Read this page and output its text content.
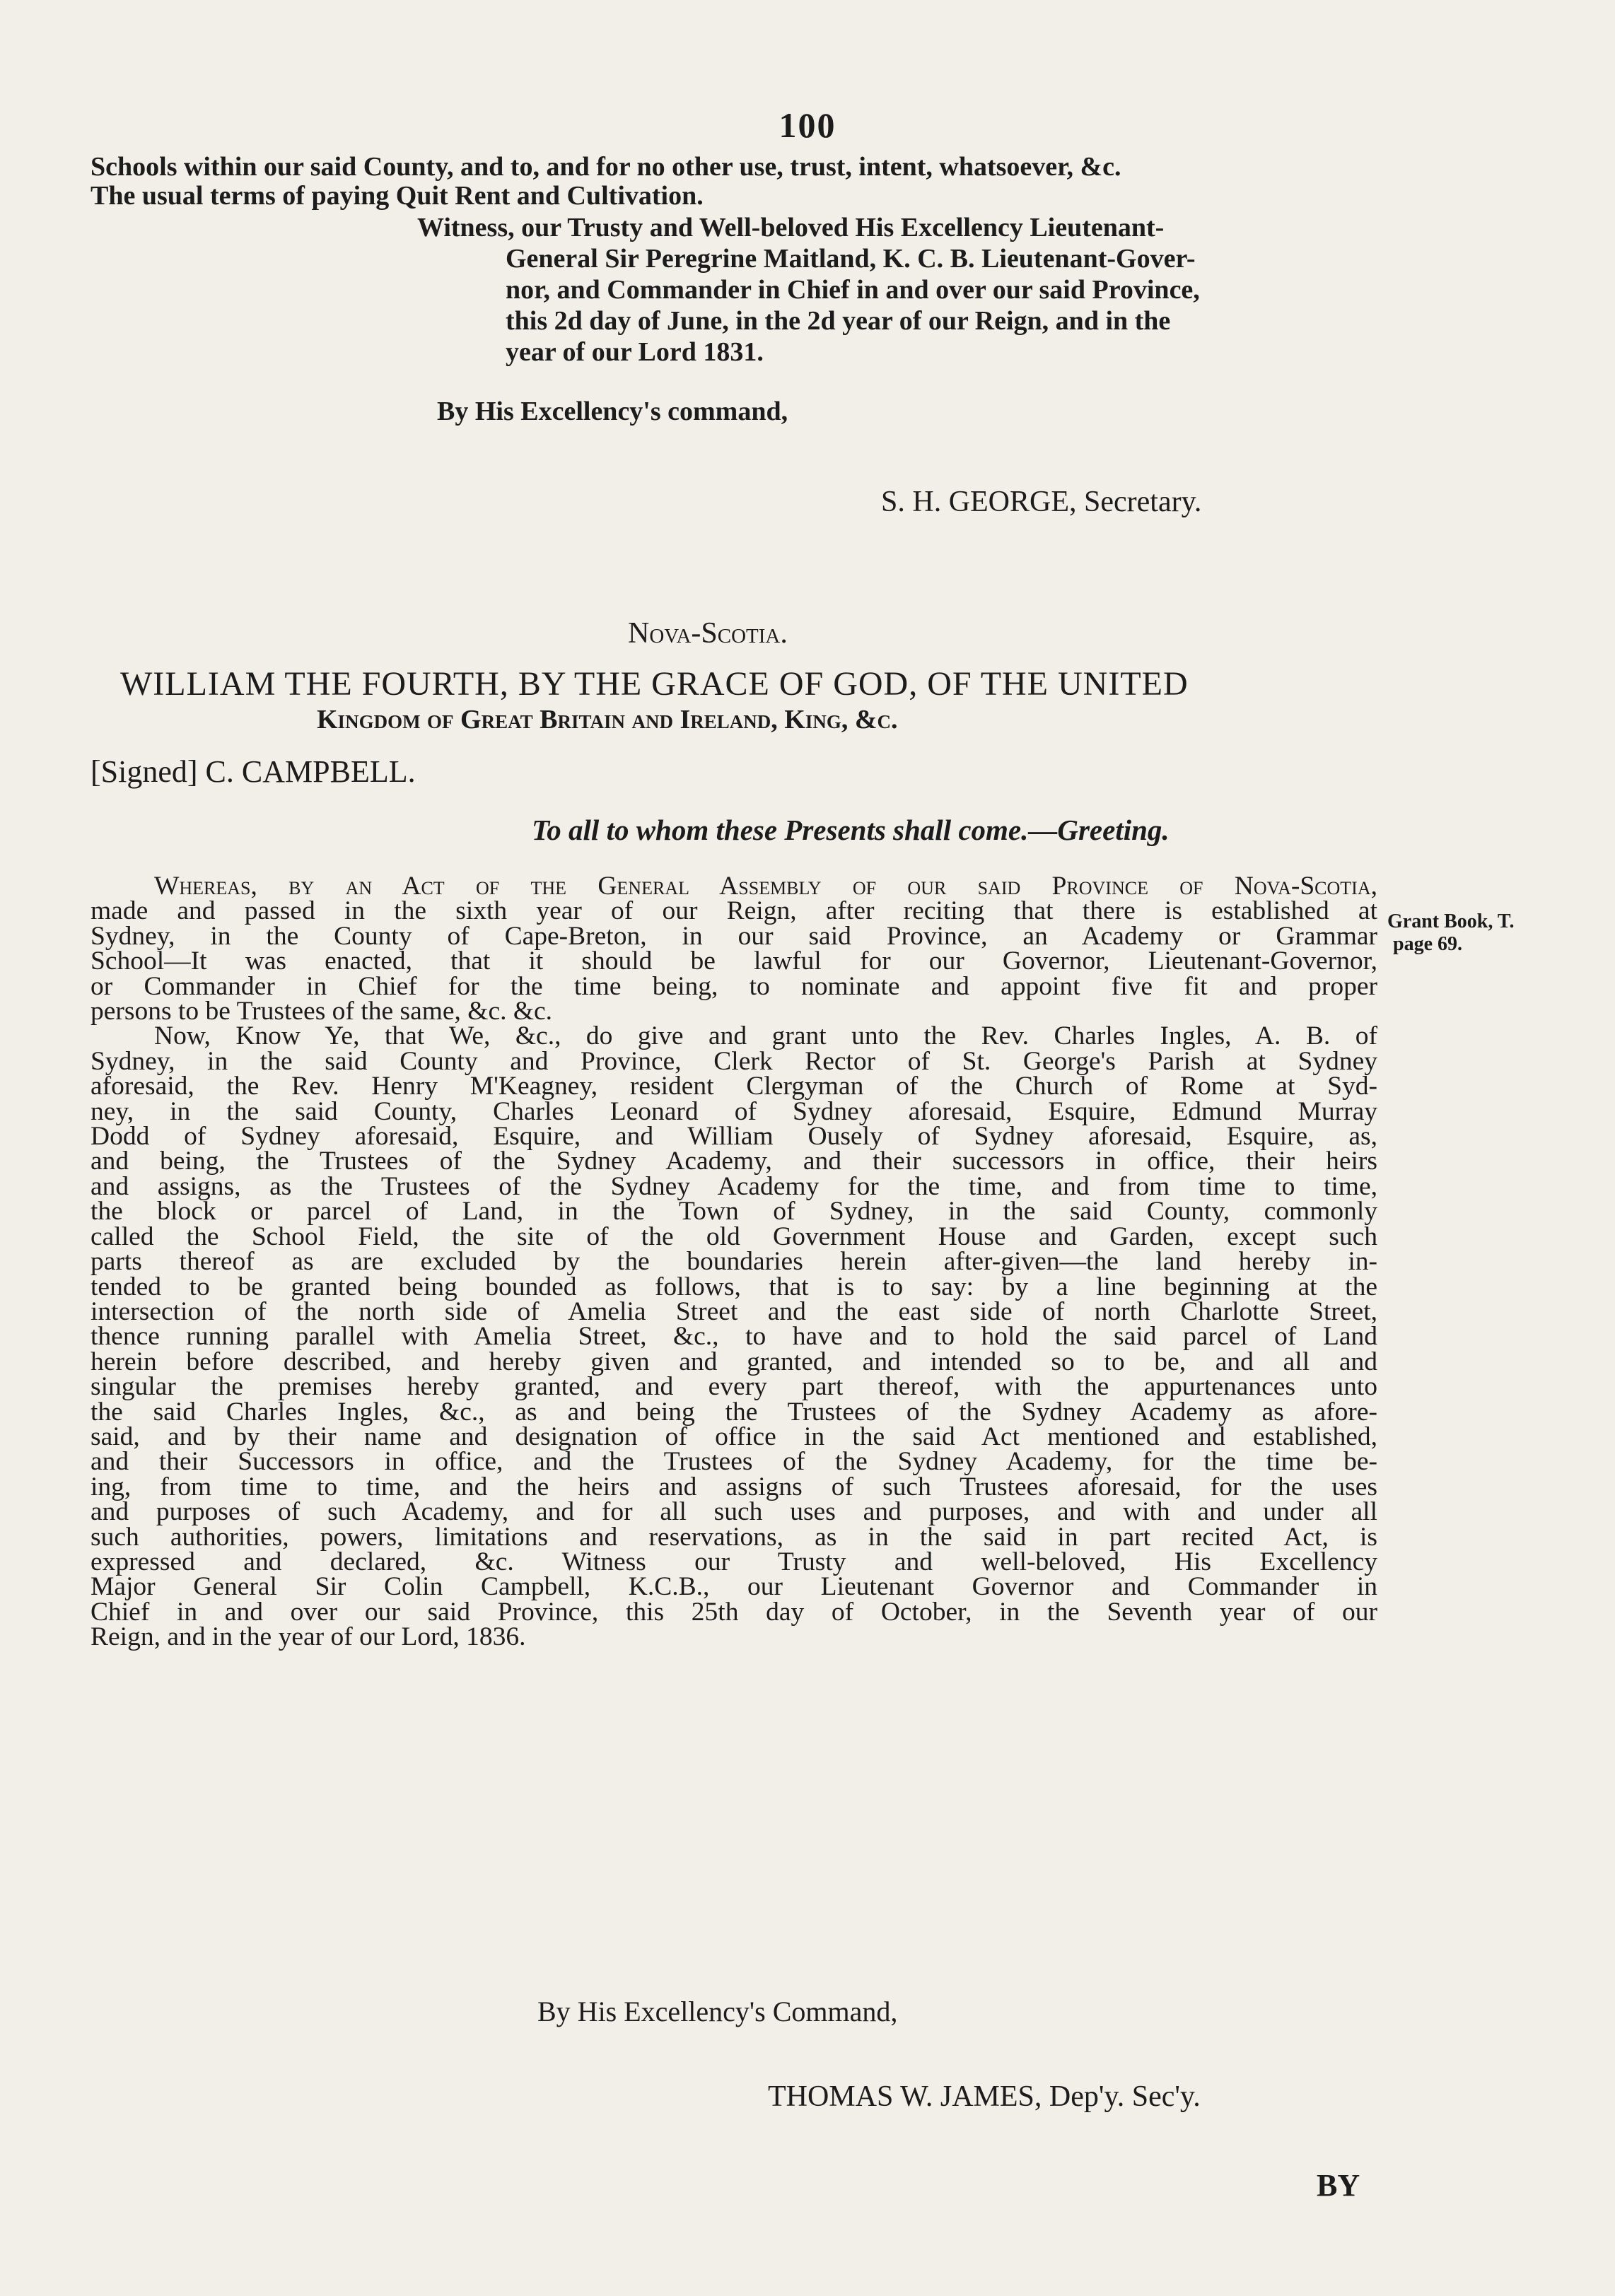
100
Schools within our said County, and to, and for no other use, trust, intent, whatsoever, &c.
The usual terms of paying Quit Rent and Cultivation.
Witness, our Trusty and Well-beloved His Excellency Lieutenant-
General Sir Peregrine Maitland, K. C. B. Lieutenant-Gover-
nor, and Commander in Chief in and over our said Province,
this 2d day of June, in the 2d year of our Reign, and in the
year of our Lord 1831.
By His Excellency's command,
S. H. GEORGE, Secretary.
Nova-Scotia.
WILLIAM THE FOURTH, BY THE GRACE OF GOD, OF THE UNITED
Kingdom of Great Britain and Ireland, King, &c.
[Signed] C. CAMPBELL.
To all to whom these Presents shall come.—Greeting.
Grant Book, T.
page 69.

Whereas, by an Act of the General Assembly of our said Province of Nova-Scotia,
made and passed in the sixth year of our Reign, after reciting that there is established at
Sydney, in the County of Cape-Breton, in our said Province, an Academy or Grammar
School—It was enacted, that it should be lawful for our Governor, Lieutenant-Governor,
or Commander in Chief for the time being, to nominate and appoint five fit and proper
persons to be Trustees of the same, &c. &c.

Now, Know Ye, that We, &c., do give and grant unto the Rev. Charles Ingles, A. B. of
Sydney, in the said County and Province, Clerk Rector of St. George's Parish at Sydney
aforesaid, the Rev. Henry M'Keagney, resident Clergyman of the Church of Rome at Syd-
ney, in the said County, Charles Leonard of Sydney aforesaid, Esquire, Edmund Murray
Dodd of Sydney aforesaid, Esquire, and William Ousely of Sydney aforesaid, Esquire, as,
and being, the Trustees of the Sydney Academy, and their successors in office, their heirs
and assigns, as the Trustees of the Sydney Academy for the time, and from time to time,
the block or parcel of Land, in the Town of Sydney, in the said County, commonly
called the School Field, the site of the old Government House and Garden, except such
parts thereof as are excluded by the boundaries herein after-given—the land hereby in-
tended to be granted being bounded as follows, that is to say: by a line beginning at the
intersection of the north side of Amelia Street and the east side of north Charlotte Street,
thence running parallel with Amelia Street, &c., to have and to hold the said parcel of Land
herein before described, and hereby given and granted, and intended so to be, and all and
singular the premises hereby granted, and every part thereof, with the appurtenances unto
the said Charles Ingles, &c., as and being the Trustees of the Sydney Academy as afore-
said, and by their name and designation of office in the said Act mentioned and established,
and their Successors in office, and the Trustees of the Sydney Academy, for the time be-
ing, from time to time, and the heirs and assigns of such Trustees aforesaid, for the uses
and purposes of such Academy, and for all such uses and purposes, and with and under all
such authorities, powers, limitations and reservations, as in the said in part recited Act, is
expressed and declared, &c. Witness our Trusty and well-beloved, His Excellency
Major General Sir Colin Campbell, K.C.B., our Lieutenant Governor and Commander in
Chief in and over our said Province, this 25th day of October, in the Seventh year of our
Reign, and in the year of our Lord, 1836.

By His Excellency's Command,
THOMAS W. JAMES, Dep'y. Sec'y.
BY
